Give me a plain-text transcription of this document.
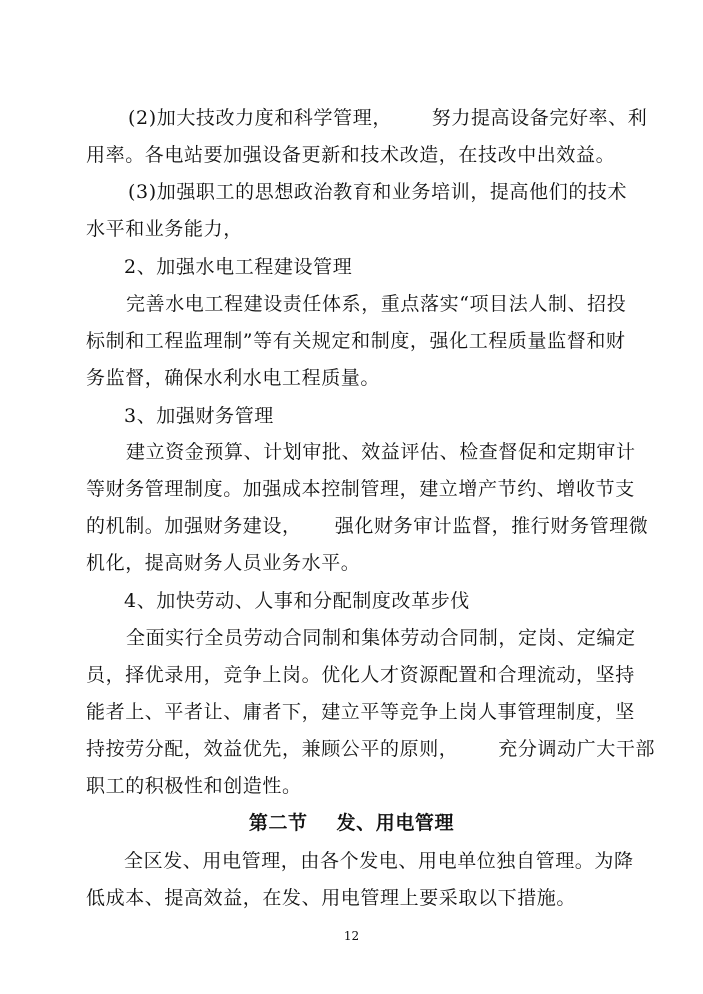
(2)加大技改力度和科学管理，      努力提高设备完好率、利
用率。各电站要加强设备更新和技术改造，在技改中出效益。
(3)加强职工的思想政治教育和业务培训，提高他们的技术
水平和业务能力，
2、加强水电工程建设管理
完善水电工程建设责任体系，重点落实“项目法人制、招投
标制和工程监理制”等有关规定和制度，强化工程质量监督和财
务监督，确保水利水电工程质量。
3、加强财务管理
建立资金预算、计划审批、效益评估、检查督促和定期审计
等财务管理制度。加强成本控制管理，建立增产节约、增收节支
的机制。加强财务建设，     强化财务审计监督，推行财务管理微
机化，提高财务人员业务水平。
4、加快劳动、人事和分配制度改革步伐
全面实行全员劳动合同制和集体劳动合同制，定岗、定编定
员，择优录用，竞争上岗。优化人才资源配置和合理流动，坚持
能者上、平者让、庸者下，建立平等竞争上岗人事管理制度，坚
持按劳分配，效益优先，兼顾公平的原则，      充分调动广大干部
职工的积极性和创造性。
第二节    发、用电管理
全区发、用电管理，由各个发电、用电单位独自管理。为降
低成本、提高效益，在发、用电管理上要采取以下措施。
12
